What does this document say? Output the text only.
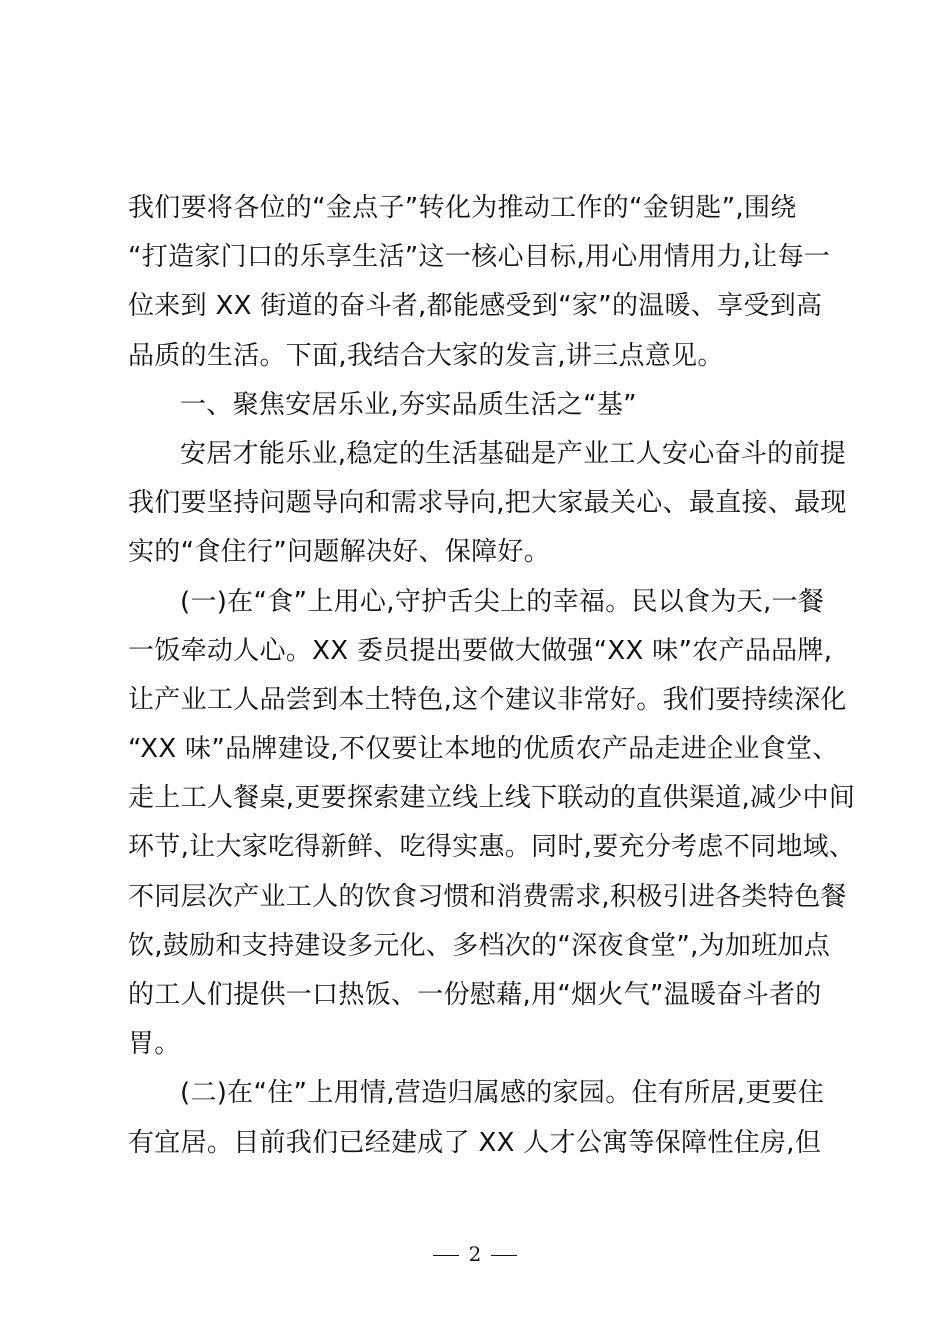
我们要将各位的“金点子”转化为推动工作的“金钥匙”,围绕
“打造家门口的乐享生活”这一核心目标,用心用情用力,让每一
位来到 XX 街道的奋斗者,都能感受到“家”的温暖、享受到高
品质的生活。下面,我结合大家的发言,讲三点意见。
一、聚焦安居乐业,夯实品质生活之“基”
安居才能乐业,稳定的生活基础是产业工人安心奋斗的前提
我们要坚持问题导向和需求导向,把大家最关心、最直接、最现
实的“食住行”问题解决好、保障好。
(一)在“食”上用心,守护舌尖上的幸福。民以食为天,一餐
一饭牵动人心。XX 委员提出要做大做强“XX 味”农产品品牌,
让产业工人品尝到本土特色,这个建议非常好。我们要持续深化
“XX 味”品牌建设,不仅要让本地的优质农产品走进企业食堂、
走上工人餐桌,更要探索建立线上线下联动的直供渠道,减少中间
环节,让大家吃得新鲜、吃得实惠。同时,要充分考虑不同地域、
不同层次产业工人的饮食习惯和消费需求,积极引进各类特色餐
饮,鼓励和支持建设多元化、多档次的“深夜食堂”,为加班加点
的工人们提供一口热饭、一份慰藉,用“烟火气”温暖奋斗者的
胃。
(二)在“住”上用情,营造归属感的家园。住有所居,更要住
有宜居。目前我们已经建成了 XX 人才公寓等保障性住房,但
2
